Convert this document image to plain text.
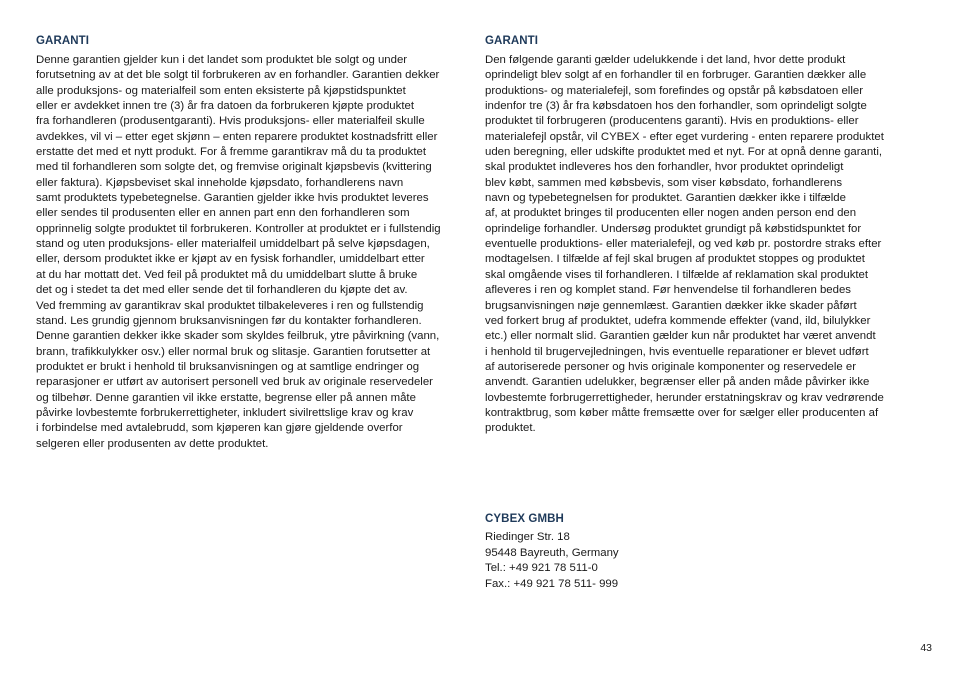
GARANTI
Denne garantien gjelder kun i det landet som produktet ble solgt og under
forutsetning av at det ble solgt til forbrukeren av en forhandler. Garantien dekker
alle produksjons- og materialfeil som enten eksisterte på kjøpstidspunktet
eller er avdekket innen tre (3) år fra datoen da forbrukeren kjøpte produktet
fra forhandleren (produsentgaranti). Hvis produksjons- eller materialfeil skulle
avdekkes, vil vi – etter eget skjønn – enten reparere produktet kostnadsfritt eller
erstatte det med et nytt produkt. For å fremme garantikrav må du ta produktet
med til forhandleren som solgte det, og fremvise originalt kjøpsbevis (kvittering
eller faktura). Kjøpsbeviset skal inneholde kjøpsdato, forhandlerens navn
samt produktets typebetegnelse. Garantien gjelder ikke hvis produktet leveres
eller sendes til produsenten eller en annen part enn den forhandleren som
opprinnelig solgte produktet til forbrukeren. Kontroller at produktet er i fullstendig
stand og uten produksjons- eller materialfeil umiddelbart på selve kjøpsdagen,
eller, dersom produktet ikke er kjøpt av en fysisk forhandler, umiddelbart etter
at du har mottatt det. Ved feil på produktet må du umiddelbart slutte å bruke
det og i stedet ta det med eller sende det til forhandleren du kjøpte det av.
Ved fremming av garantikrav skal produktet tilbakeleveres i ren og fullstendig
stand. Les grundig gjennom bruksanvisningen før du kontakter forhandleren.
Denne garantien dekker ikke skader som skyldes feilbruk, ytre påvirkning (vann,
brann, trafikkulykker osv.) eller normal bruk og slitasje. Garantien forutsetter at
produktet er brukt i henhold til bruksanvisningen og at samtlige endringer og
reparasjoner er utført av autorisert personell ved bruk av originale reservedeler
og tilbehør. Denne garantien vil ikke erstatte, begrense eller på annen måte
påvirke lovbestemte forbrukerrettigheter, inkludert sivilrettslige krav og krav
i forbindelse med avtalebrudd, som kjøperen kan gjøre gjeldende overfor
selgeren eller produsenten av dette produktet.
GARANTI
Den følgende garanti gælder udelukkende i det land, hvor dette produkt
oprindeligt blev solgt af en forhandler til en forbruger. Garantien dækker alle
produktions- og materialefejl, som forefindes og opstår på købsdatoen eller
indenfor tre (3) år fra købsdatoen hos den forhandler, som oprindeligt solgte
produktet til forbrugeren (producentens garanti). Hvis en produktions- eller
materialefejl opstår, vil CYBEX - efter eget vurdering - enten reparere produktet
uden beregning, eller udskifte produktet med et nyt. For at opnå denne garanti,
skal produktet indleveres hos den forhandler, hvor produktet oprindeligt
blev købt, sammen med købsbevis, som viser købsdato, forhandlerens
navn og typebetegnelsen for produktet. Garantien dækker ikke i tilfælde
af, at produktet bringes til producenten eller nogen anden person end den
oprindelige forhandler. Undersøg produktet grundigt på købstidspunktet for
eventuelle produktions- eller materialefejl, og ved køb pr. postordre straks efter
modtagelsen. I tilfælde af fejl skal brugen af produktet stoppes og produktet
skal omgående vises til forhandleren. I tilfælde af reklamation skal produktet
afleveres i ren og komplet stand. Før henvendelse til forhandleren bedes
brugsanvisningen nøje gennemlæst. Garantien dækker ikke skader påført
ved forkert brug af produktet, udefra kommende effekter (vand, ild, bilulykker
etc.) eller normalt slid. Garantien gælder kun når produktet har været anvendt
i henhold til brugervejledningen, hvis eventuelle reparationer er blevet udført
af autoriserede personer og hvis originale komponenter og reservedele er
anvendt. Garantien udelukker, begrænser eller på anden måde påvirker ikke
lovbestemte forbrugerrettigheder, herunder erstatningskrav og krav vedrørende
kontraktbrug, som køber måtte fremsætte over for sælger eller producenten af
produktet.
CYBEX GMBH
Riedinger Str. 18
95448 Bayreuth, Germany
Tel.: +49 921 78 511-0
Fax.: +49 921 78 511- 999
43
